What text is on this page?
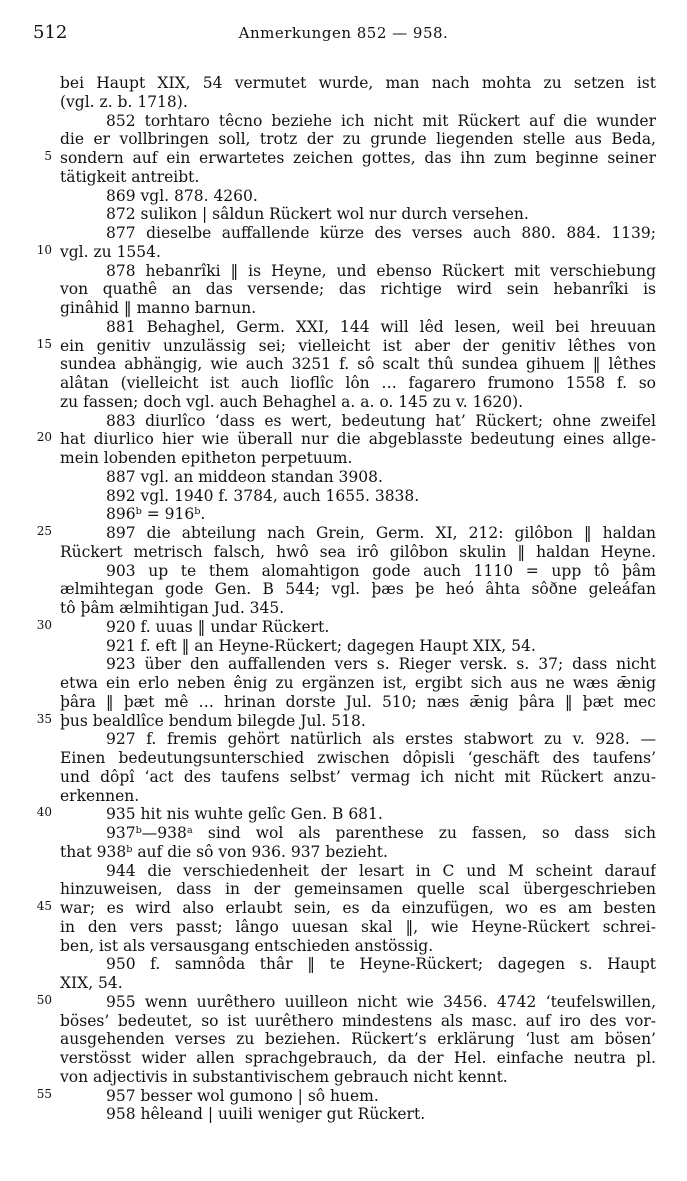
512	Anmerkungen 852 — 958.
5
10
15
20
25
30
35
40
45
50
55
bei Haupt XIX, 54 vermutet wurde, man nach mohta zu setzen ist
(vgl. z. b. 1718).
852 torhtaro têcno beziehe ich nicht mit Rückert auf die wunder
die er vollbringen soll, trotz der zu grunde liegenden stelle aus Beda,
sondern auf ein erwartetes zeichen gottes, das ihn zum beginne seiner
tätigkeit antreibt.
869 vgl. 878. 4260.
872 sulikon | sâldun Rückert wol nur durch versehen.
877 dieselbe auffallende kürze des verses auch 880. 884. 1139;
vgl. zu 1554.
878 hebanrîki ‖ is Heyne, und ebenso Rückert mit verschiebung
von quathê an das versende; das richtige wird sein hebanrîki is
ginâhid ‖ manno barnun.
881 Behaghel, Germ. XXI, 144 will lêd lesen, weil bei hreuuan
ein genitiv unzulässig sei; vielleicht ist aber der genitiv lêthes von
sundea abhängig, wie auch 3251 f. sô scalt thû sundea gihuem ‖ lêthes
alâtan (vielleicht ist auch lioflîc lôn … fagarero frumono 1558 f. so
zu fassen; doch vgl. auch Behaghel a. a. o. 145 zu v. 1620).
883 diurlîco ‘dass es wert, bedeutung hat’ Rückert; ohne zweifel
hat diurlico hier wie überall nur die abgeblasste bedeutung eines allge-
mein lobenden epitheton perpetuum.
887 vgl. an middeon standan 3908.
892 vgl. 1940 f. 3784, auch 1655. 3838.
896ᵇ = 916ᵇ.
897 die abteilung nach Grein, Germ. XI, 212: gilôbon ‖ haldan
Rückert metrisch falsch, hwô sea irô gilôbon skulin ‖ haldan Heyne.
903 up te them alomahtigon gode auch 1110 = upp tô þâm
ælmihtegan gode Gen. B 544; vgl. þæs þe heó âhta sôðne geleáfan
tô þâm ælmihtigan Jud. 345.
920 f. uuas ‖ undar Rückert.
921 f. eft ‖ an Heyne-Rückert; dagegen Haupt XIX, 54.
923 über den auffallenden vers s. Rieger versk. s. 37; dass nicht
etwa ein erlo neben ênig zu ergänzen ist, ergibt sich aus ne wæs ǣnig
þâra ‖ þæt mê … hrinan dorste Jul. 510; næs ǣnig þâra ‖ þæt mec
þus bealdlîce bendum bilegde Jul. 518.
927 f. fremis gehört natürlich als erstes stabwort zu v. 928. —
Einen bedeutungsunterschied zwischen dôpisli ‘geschäft des taufens’
und dôpî ‘act des taufens selbst’ vermag ich nicht mit Rückert anzu-
erkennen.
935 hit nis wuhte gelîc Gen. B 681.
937ᵇ—938ᵃ sind wol als parenthese zu fassen, so dass sich
that 938ᵇ auf die sô von 936. 937 bezieht.
944 die verschiedenheit der lesart in C und M scheint darauf
hinzuweisen, dass in der gemeinsamen quelle scal übergeschrieben
war; es wird also erlaubt sein, es da einzufügen, wo es am besten
in den vers passt; lângo uuesan skal ‖, wie Heyne-Rückert schrei-
ben, ist als versausgang entschieden anstössig.
950 f. samnôda thâr ‖ te Heyne-Rückert; dagegen s. Haupt
XIX, 54.
955 wenn uurêthero uuilleon nicht wie 3456. 4742 ‘teufelswillen,
böses’ bedeutet, so ist uurêthero mindestens als masc. auf iro des vor-
ausgehenden verses zu beziehen. Rückert’s erklärung ‘lust am bösen’
verstösst wider allen sprachgebrauch, da der Hel. einfache neutra pl.
von adjectivis in substantivischem gebrauch nicht kennt.
957 besser wol gumono | sô huem.
958 hêleand | uuili weniger gut Rückert.
